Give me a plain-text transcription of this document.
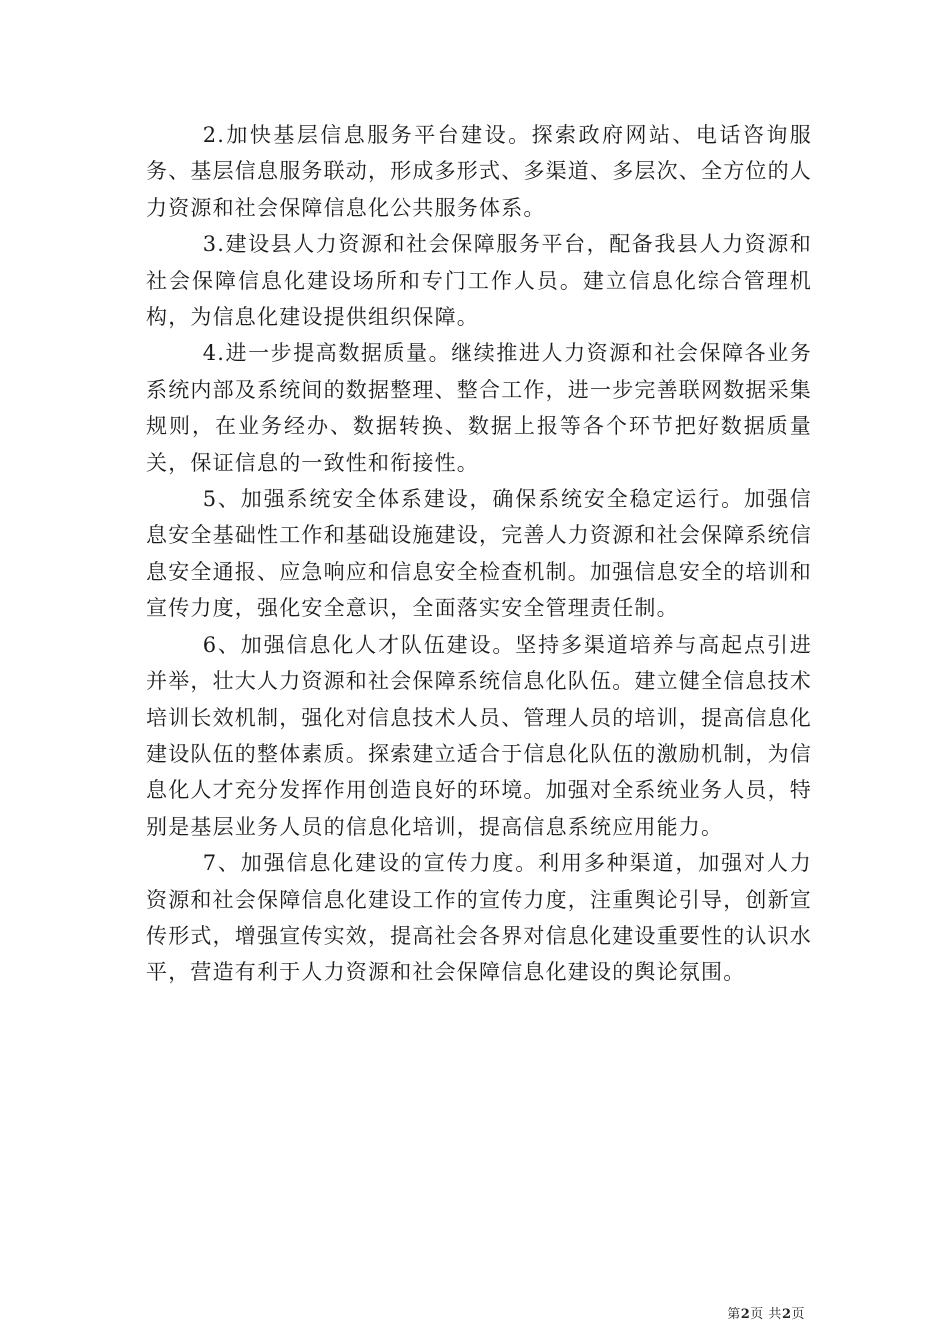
2.加快基层信息服务平台建设。探索政府网站、电话咨询服务、基层信息服务联动，形成多形式、多渠道、多层次、全方位的人力资源和社会保障信息化公共服务体系。

3.建设县人力资源和社会保障服务平台，配备我县人力资源和社会保障信息化建设场所和专门工作人员。建立信息化综合管理机构，为信息化建设提供组织保障。

4.进一步提高数据质量。继续推进人力资源和社会保障各业务系统内部及系统间的数据整理、整合工作，进一步完善联网数据采集规则，在业务经办、数据转换、数据上报等各个环节把好数据质量关，保证信息的一致性和衔接性。

5、加强系统安全体系建设，确保系统安全稳定运行。加强信息安全基础性工作和基础设施建设，完善人力资源和社会保障系统信息安全通报、应急响应和信息安全检查机制。加强信息安全的培训和宣传力度，强化安全意识，全面落实安全管理责任制。

6、加强信息化人才队伍建设。坚持多渠道培养与高起点引进并举，壮大人力资源和社会保障系统信息化队伍。建立健全信息技术培训长效机制，强化对信息技术人员、管理人员的培训，提高信息化建设队伍的整体素质。探索建立适合于信息化队伍的激励机制，为信息化人才充分发挥作用创造良好的环境。加强对全系统业务人员，特别是基层业务人员的信息化培训，提高信息系统应用能力。

7、加强信息化建设的宣传力度。利用多种渠道，加强对人力资源和社会保障信息化建设工作的宣传力度，注重舆论引导，创新宣传形式，增强宣传实效，提高社会各界对信息化建设重要性的认识水平，营造有利于人力资源和社会保障信息化建设的舆论氛围。

第2页 共2页
